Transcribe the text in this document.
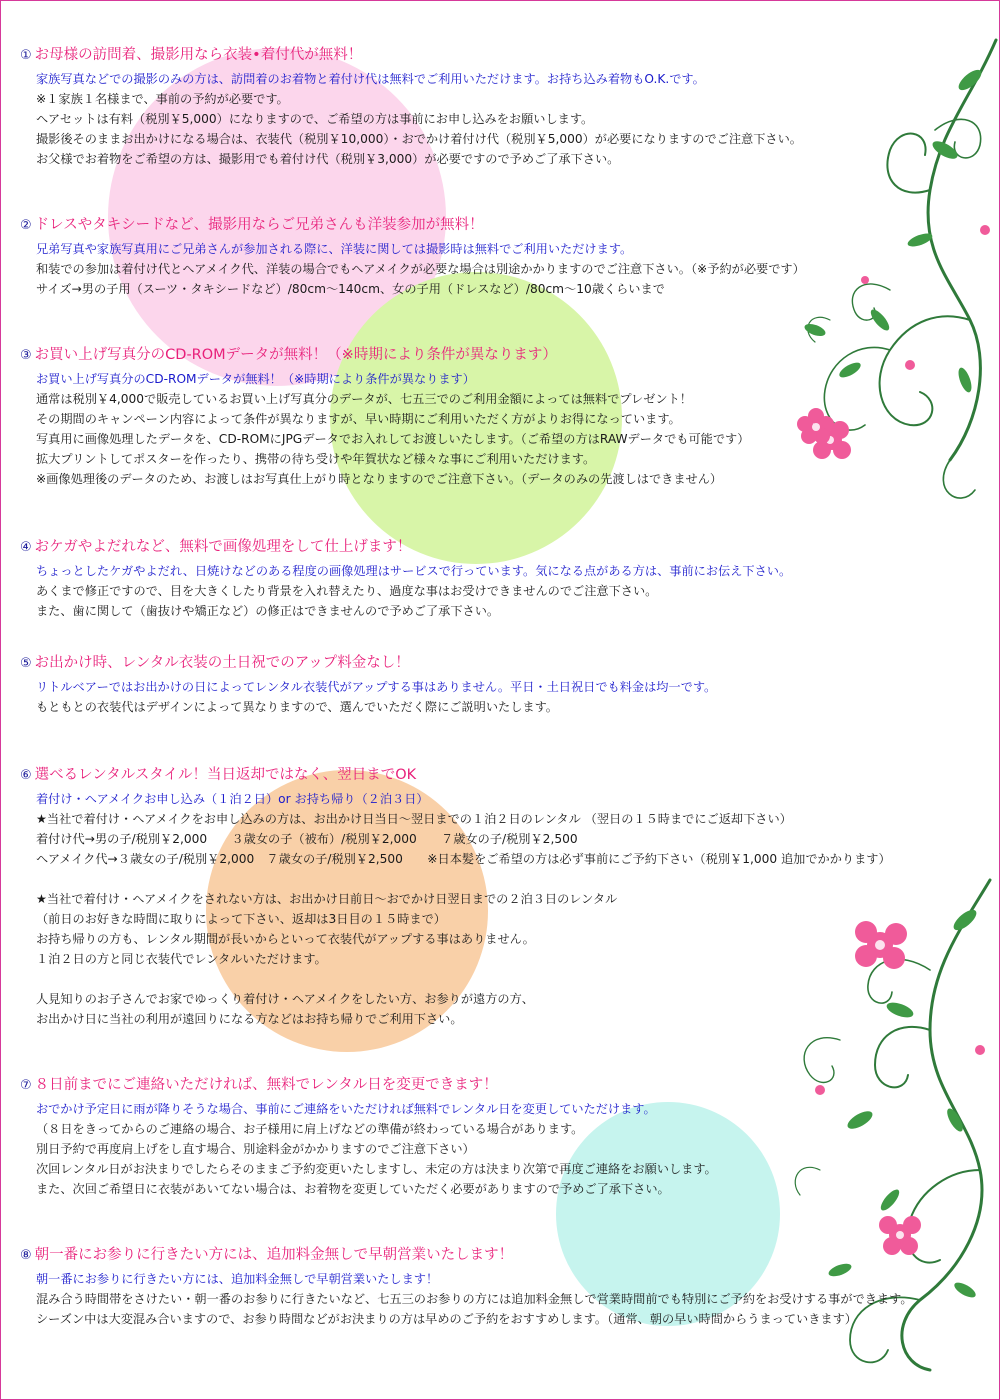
① お母様の訪問着、撮影用なら衣装•着付代が無料！
家族写真などでの撮影のみの方は、訪問着のお着物と着付け代は無料でご利用いただけます。お持ち込み着物もO.K.です。
※１家族１名様まで、事前の予約が必要です。
ヘアセットは有料（税別￥5,000）になりますので、ご希望の方は事前にお申し込みをお願いします。
撮影後そのままお出かけになる場合は、衣装代（税別￥10,000）・おでかけ着付け代（税別￥5,000）が必要になりますのでご注意下さい。
お父様でお着物をご希望の方は、撮影用でも着付け代（税別￥3,000）が必要ですので予めご了承下さい。
② ドレスやタキシードなど、撮影用ならご兄弟さんも洋装参加が無料！
兄弟写真や家族写真用にご兄弟さんが参加される際に、洋装に関しては撮影時は無料でご利用いただけます。
和装での参加は着付け代とヘアメイク代、洋装の場合でもヘアメイクが必要な場合は別途かかりますのでご注意下さい。（※予約が必要です）
サイズ→男の子用（スーツ・タキシードなど）/80cm～140cm、女の子用（ドレスなど）/80cm～10歳くらいまで
③ お買い上げ写真分のCD-ROMデータが無料！（※時期により条件が異なります）
お買い上げ写真分のCD-ROMデータが無料！（※時期により条件が異なります）
通常は税別￥4,000で販売しているお買い上げ写真分のデータが、七五三でのご利用金額によっては無料でプレゼント！
その期間のキャンペーン内容によって条件が異なりますが、早い時期にご利用いただく方がよりお得になっています。
写真用に画像処理したデータを、CD-ROMにJPGデータでお入れしてお渡しいたします。（ご希望の方はRAWデータでも可能です）
拡大プリントしてポスターを作ったり、携帯の待ち受けや年賀状など様々な事にご利用いただけます。
※画像処理後のデータのため、お渡しはお写真仕上がり時となりますのでご注意下さい。（データのみの先渡しはできません）
④ おケガやよだれなど、無料で画像処理をして仕上げます！
ちょっとしたケガやよだれ、日焼けなどのある程度の画像処理はサービスで行っています。気になる点がある方は、事前にお伝え下さい。
あくまで修正ですので、目を大きくしたり背景を入れ替えたり、過度な事はお受けできませんのでご注意下さい。
また、歯に関して（歯抜けや矯正など）の修正はできませんので予めご了承下さい。
⑤ お出かけ時、レンタル衣装の土日祝でのアップ料金なし！
リトルベアーではお出かけの日によってレンタル衣装代がアップする事はありません。平日・土日祝日でも料金は均一です。
もともとの衣装代はデザインによって異なりますので、選んでいただく際にご説明いたします。
⑥ 選べるレンタルスタイル！当日返却ではなく、翌日までOK
着付け・ヘアメイクお申し込み（１泊２日）or お持ち帰り（２泊３日）
★当社で着付け・ヘアメイクをお申し込みの方は、お出かけ日当日～翌日までの１泊２日のレンタル （翌日の１５時までにご返却下さい）
着付け代→男の子/税別￥2,000　　３歳女の子（被布）/税別￥2,000　　７歳女の子/税別￥2,500
ヘアメイク代→３歳女の子/税別￥2,000　７歳女の子/税別￥2,500　　※日本髪をご希望の方は必ず事前にご予約下さい（税別￥1,000 追加でかかります）
★当社で着付け・ヘアメイクをされない方は、お出かけ日前日～おでかけ日翌日までの２泊３日のレンタル
（前日のお好きな時間に取りによって下さい、返却は3日目の１５時まで）
お持ち帰りの方も、レンタル期間が長いからといって衣装代がアップする事はありません。
１泊２日の方と同じ衣装代でレンタルいただけます。
人見知りのお子さんでお家でゆっくり着付け・ヘアメイクをしたい方、お参りが遠方の方、
お出かけ日に当社の利用が遠回りになる方などはお持ち帰りでご利用下さい。
⑦ ８日前までにご連絡いただければ、無料でレンタル日を変更できます！
おでかけ予定日に雨が降りそうな場合、事前にご連絡をいただければ無料でレンタル日を変更していただけます。
（８日をきってからのご連絡の場合、お子様用に肩上げなどの準備が終わっている場合があります。
別日予約で再度肩上げをし直す場合、別途料金がかかりますのでご注意下さい）
次回レンタル日がお決まりでしたらそのままご予約変更いたしますし、未定の方は決まり次第で再度ご連絡をお願いします。
また、次回ご希望日に衣装があいてない場合は、お着物を変更していただく必要がありますので予めご了承下さい。
⑧ 朝一番にお参りに行きたい方には、追加料金無しで早朝営業いたします！
朝一番にお参りに行きたい方には、追加料金無しで早朝営業いたします！
混み合う時間帯をさけたい・朝一番のお参りに行きたいなど、七五三のお参りの方には追加料金無しで営業時間前でも特別にご予約をお受けする事ができます。
シーズン中は大変混み合いますので、お参り時間などがお決まりの方は早めのご予約をおすすめします。（通常、朝の早い時間からうまっていきます）
